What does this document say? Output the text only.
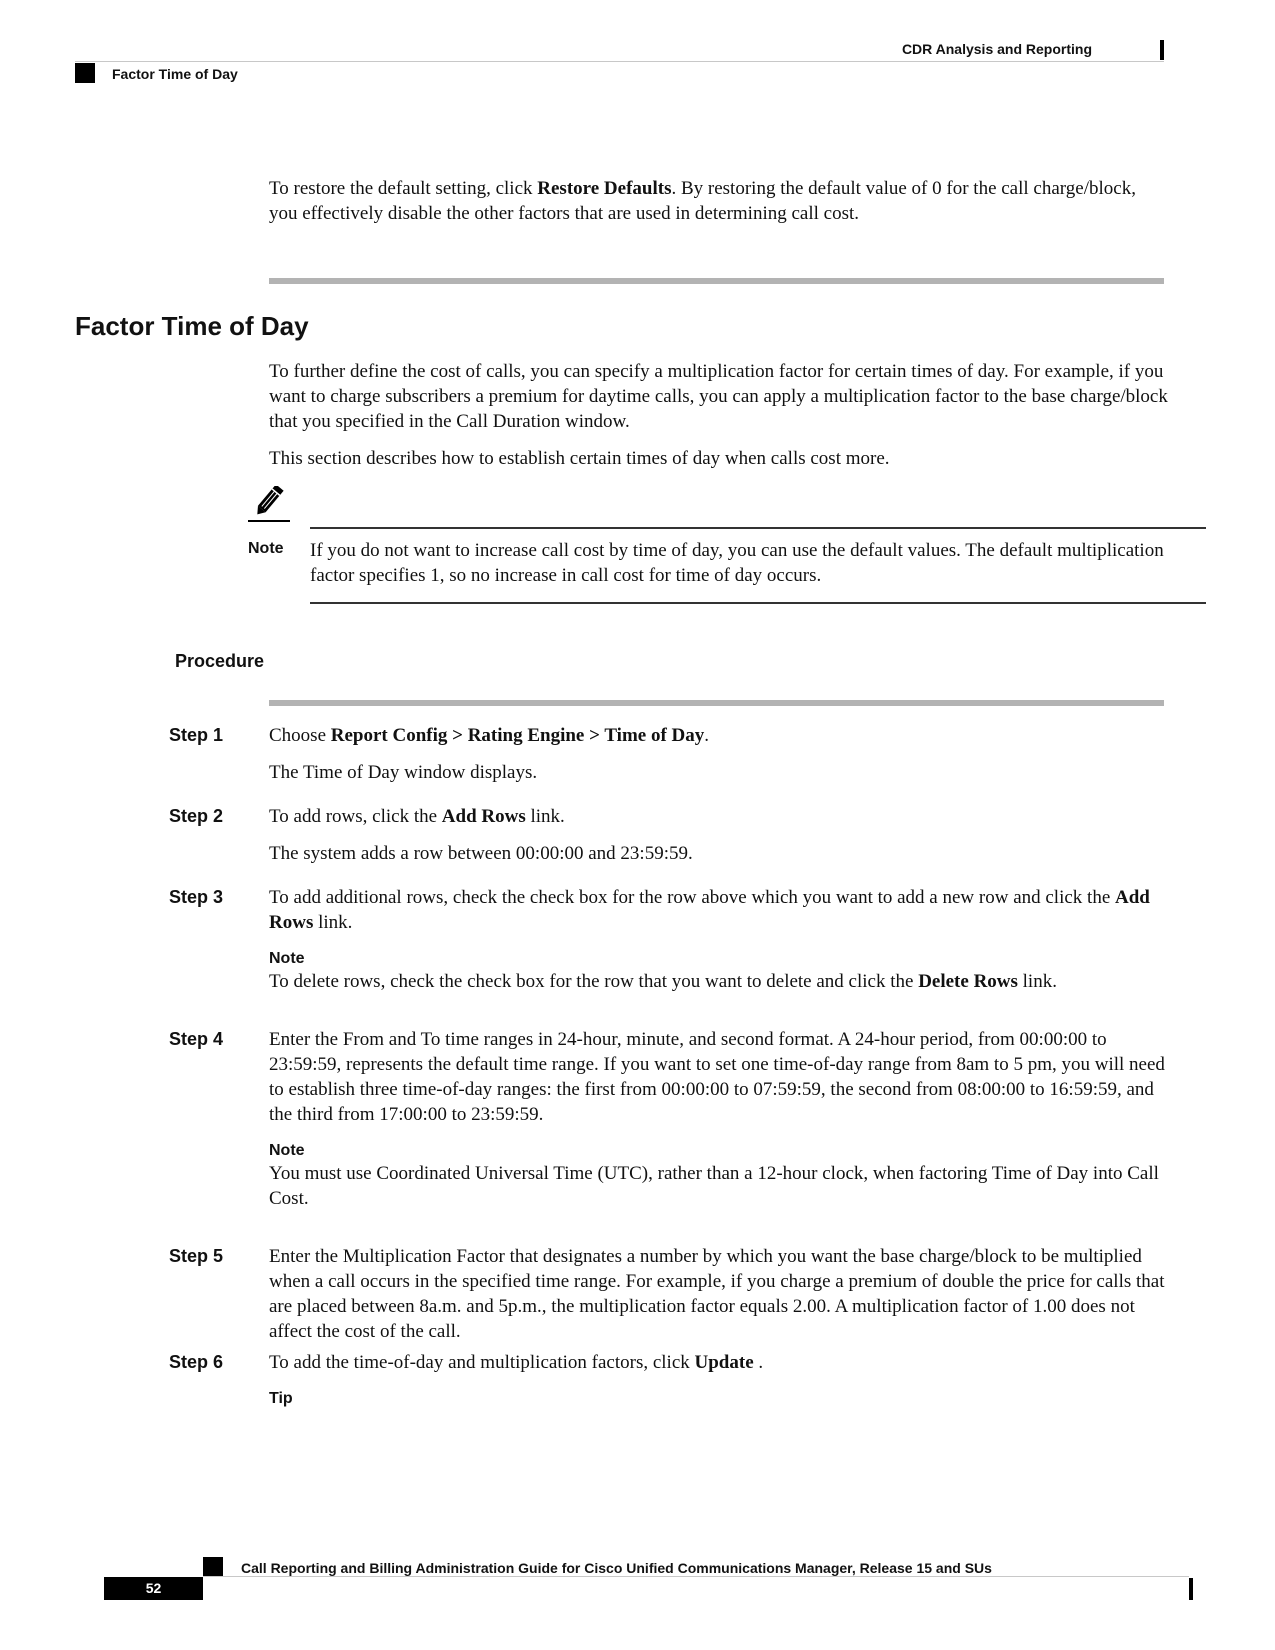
CDR Analysis and Reporting
Factor Time of Day
To restore the default setting, click Restore Defaults. By restoring the default value of 0 for the call charge/block, you effectively disable the other factors that are used in determining call cost.
Factor Time of Day

To further define the cost of calls, you can specify a multiplication factor for certain times of day. For example, if you want to charge subscribers a premium for daytime calls, you can apply a multiplication factor to the base charge/block that you specified in the Call Duration window.

This section describes how to establish certain times of day when calls cost more.

Note If you do not want to increase call cost by time of day, you can use the default values. The default multiplication factor specifies 1, so no increase in call cost for time of day occurs.
Procedure
Step 1 Choose Report Config > Rating Engine > Time of Day.

The Time of Day window displays.

Step 2 To add rows, click the Add Rows link.

The system adds a row between 00:00:00 and 23:59:59.

Step 3 To add additional rows, check the check box for the row above which you want to add a new row and click the Add Rows link.

Note

To delete rows, check the check box for the row that you want to delete and click the Delete Rows link.

Step 4 Enter the From and To time ranges in 24-hour, minute, and second format. A 24-hour period, from 00:00:00 to 23:59:59, represents the default time range. If you want to set one time-of-day range from 8am to 5 pm, you will need to establish three time-of-day ranges: the first from 00:00:00 to 07:59:59, the second from 08:00:00 to 16:59:59, and the third from 17:00:00 to 23:59:59.

Note

You must use Coordinated Universal Time (UTC), rather than a 12-hour clock, when factoring Time of Day into Call Cost.

Step 5 Enter the Multiplication Factor that designates a number by which you want the base charge/block to be multiplied when a call occurs in the specified time range. For example, if you charge a premium of double the price for calls that are placed between 8a.m. and 5p.m., the multiplication factor equals 2.00. A multiplication factor of 1.00 does not affect the cost of the call.

Step 6 To add the time-of-day and multiplication factors, click Update .

Tip
Call Reporting and Billing Administration Guide for Cisco Unified Communications Manager, Release 15 and SUs
52
